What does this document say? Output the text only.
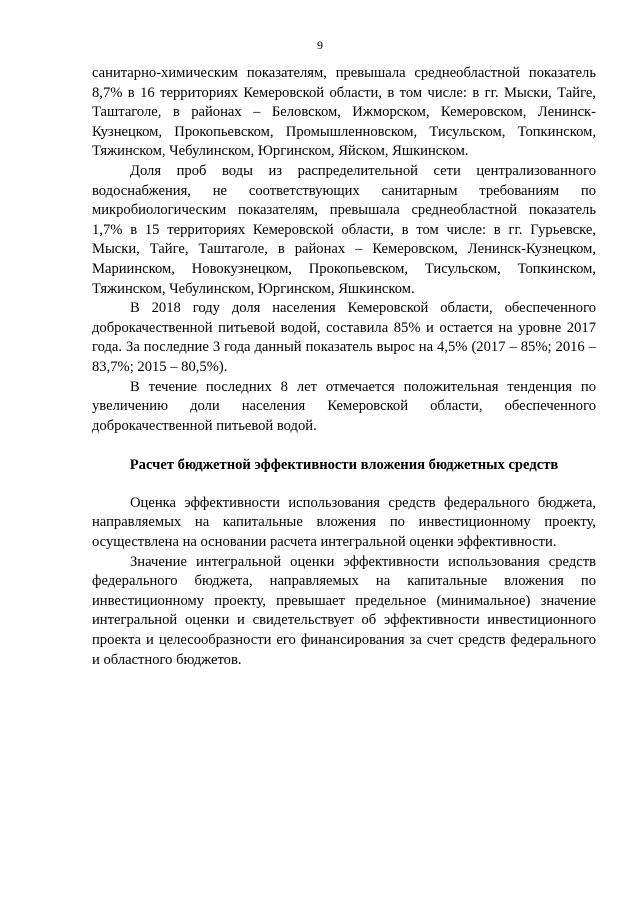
9

санитарно-химическим показателям, превышала среднеобластной показатель 8,7% в 16 территориях Кемеровской области, в том числе: в гг. Мыски, Тайге, Таштаголе, в районах – Беловском, Ижморском, Кемеровском, Ленинск-Кузнецком, Прокопьевском, Промышленновском, Тисульском, Топкинском, Тяжинском, Чебулинском, Юргинском, Яйском, Яшкинском.

Доля проб воды из распределительной сети централизованного водоснабжения, не соответствующих санитарным требованиям по микробиологическим показателям, превышала среднеобластной показатель 1,7% в 15 территориях Кемеровской области, в том числе: в гг. Гурьевске, Мыски, Тайге, Таштаголе, в районах – Кемеровском, Ленинск-Кузнецком, Мариинском, Новокузнецком, Прокопьевском, Тисульском, Топкинском, Тяжинском, Чебулинском, Юргинском, Яшкинском.

В 2018 году доля населения Кемеровской области, обеспеченного доброкачественной питьевой водой, составила 85% и остается на уровне 2017 года. За последние 3 года данный показатель вырос на 4,5% (2017 – 85%; 2016 – 83,7%; 2015 – 80,5%).

В течение последних 8 лет отмечается положительная тенденция по увеличению доли населения Кемеровской области, обеспеченного доброкачественной питьевой водой.

Расчет бюджетной эффективности вложения бюджетных средств

Оценка эффективности использования средств федерального бюджета, направляемых на капитальные вложения по инвестиционному проекту, осуществлена на основании расчета интегральной оценки эффективности.

Значение интегральной оценки эффективности использования средств федерального бюджета, направляемых на капитальные вложения по инвестиционному проекту, превышает предельное (минимальное) значение интегральной оценки и свидетельствует об эффективности инвестиционного проекта и целесообразности его финансирования за счет средств федерального и областного бюджетов.
